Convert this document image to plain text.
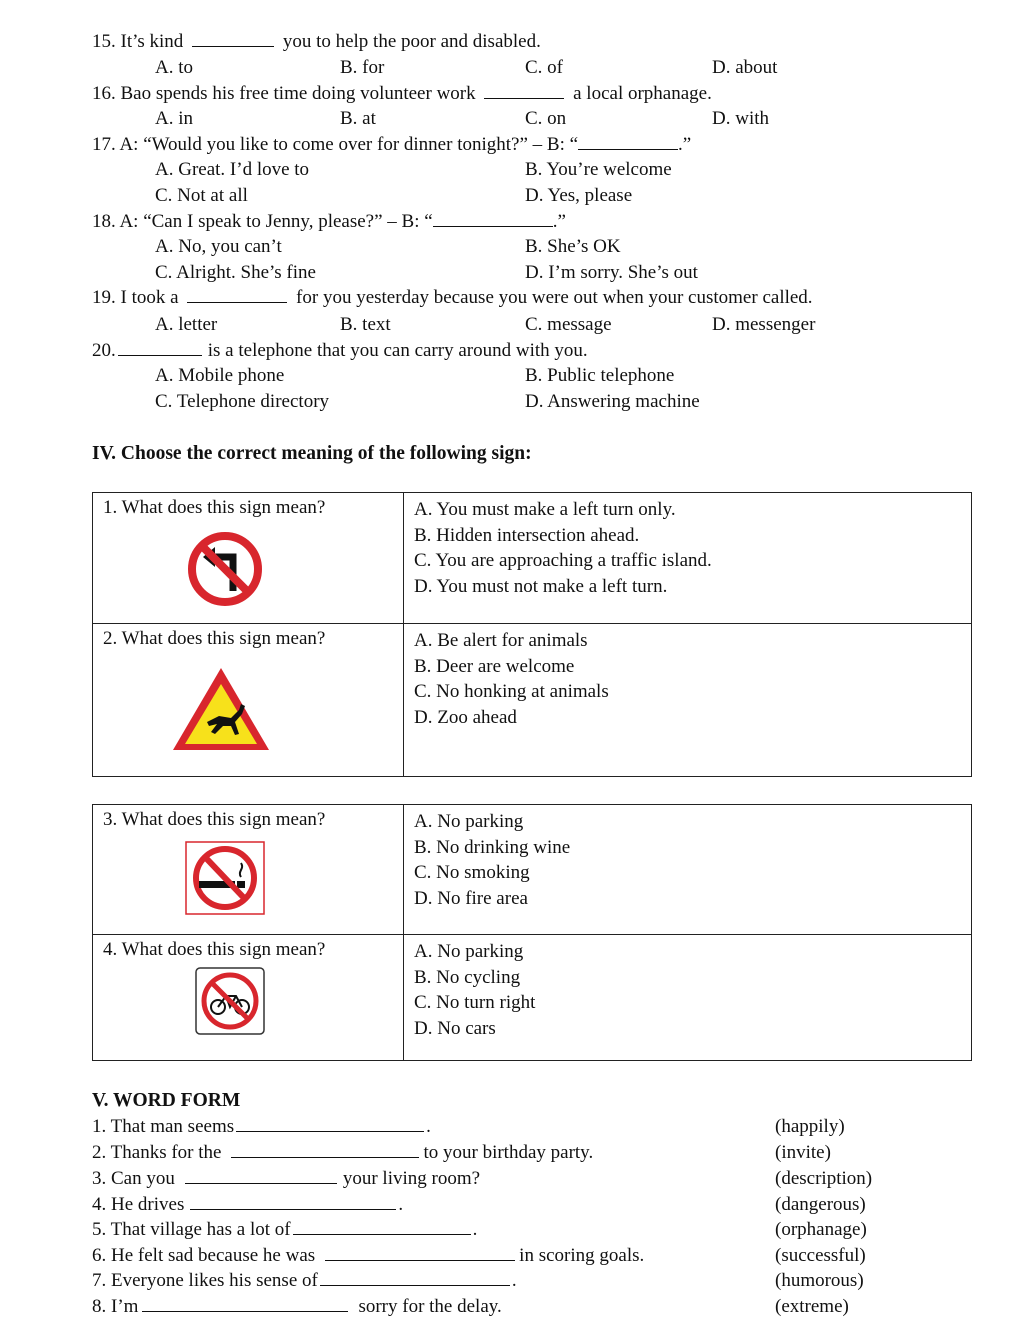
15. It’s kind	you to help the poor and disabled.
A. to	B. for	C. of	D. about
16. Bao spends his free time doing volunteer work	a local orphanage.
A. in	B. at	C. on	D. with
17. A: “Would you like to come over for dinner tonight?” – B: “	.”
A. Great. I’d love to	B. You’re welcome
C. Not at all	D. Yes, please
18. A: “Can I speak to Jenny, please?” – B: “	.”
A. No, you can’t	B. She’s OK
C. Alright. She’s fine	D. I’m sorry. She’s out
19. I took a	for you yesterday because you were out when your customer called.
A. letter	B. text	C. message	D. messenger
20.	is a telephone that you can carry around with you.
A. Mobile phone	B. Public telephone
C. Telephone directory	D. Answering machine
IV. Choose the correct meaning of the following sign:
1. What does this sign mean?	A. You must make a left turn only.
B. Hidden intersection ahead.
C. You are approaching a traffic island.
D. You must not make a left turn.

2. What does this sign mean?	A. Be alert for animals
B. Deer are welcome
C. No honking at animals
D. Zoo ahead
3. What does this sign mean?	A. No parking
B. No drinking wine
C. No smoking
D. No fire area

4. What does this sign mean?	A. No parking
B. No cycling
C. No turn right
D. No cars
V. WORD FORM
1. That man seems	.	(happily)
2. Thanks for the	to your birthday party.	(invite)
3. Can you	your living room?	(description)
4. He drives	.	(dangerous)
5. That village has a lot of	.	(orphanage)
6. He felt sad because he was	in scoring goals.	(successful)
7. Everyone likes his sense of	.	(humorous)
8. I’m	sorry for the delay.	(extreme)
